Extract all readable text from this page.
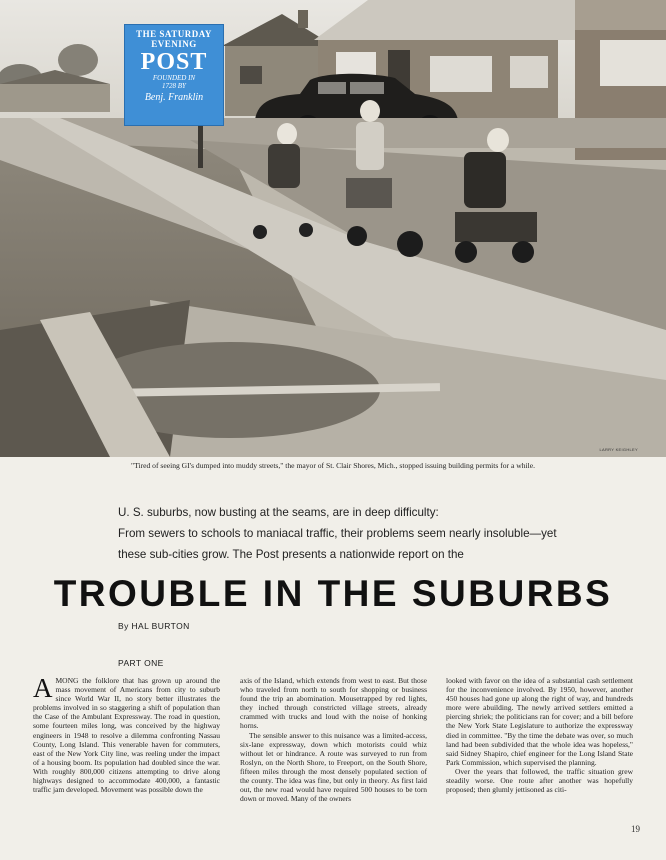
THE SATURDAY
EVENING
POST
FOUNDED IN
1728 BY
Benj. Franklin
LARRY KEIGHLEY
"Tired of seeing GI's dumped into muddy streets," the mayor of St. Clair Shores, Mich., stopped issuing building permits for a while.
U. S. suburbs, now busting at the seams, are in deep difficulty:
From sewers to schools to maniacal traffic, their problems seem nearly insoluble—yet
these sub-cities grow. The Post presents a nationwide report on the
TROUBLE IN THE SUBURBS
By HAL BURTON
PART ONE

AMONG the folklore that has grown up around the mass movement of Americans from city to suburb since World War II, no story better illustrates the problems involved in so staggering a shift of population than the Case of the Ambulant Expressway. The road in question, some fourteen miles long, was conceived by the highway engineers in 1948 to resolve a dilemma confronting Nassau County, Long Island. This venerable haven for commuters, east of the New York City line, was reeling under the impact of a housing boom. Its population had doubled since the war. With roughly 800,000 citizens attempting to drive along highways designed to accommodate 400,000, a fantastic traffic jam developed. Movement was possible down the

axis of the Island, which extends from west to east. But those who traveled from north to south for shopping or business found the trip an abomination. Mousetrapped by red lights, they inched through constricted village streets, already crammed with trucks and loud with the noise of honking horns.

The sensible answer to this nuisance was a limited-access, six-lane expressway, down which motorists could whiz without let or hindrance. A route was surveyed to run from Roslyn, on the North Shore, to Freeport, on the South Shore, fifteen miles through the most densely populated section of the county. The idea was fine, but only in theory. As first laid out, the new road would have required 500 houses to be torn down or moved. Many of the owners

looked with favor on the idea of a substantial cash settlement for the inconvenience involved. By 1950, however, another 450 houses had gone up along the right of way, and hundreds more were abuilding. The newly arrived settlers emitted a piercing shriek; the politicians ran for cover; and a bill before the New York State Legislature to authorize the expressway died in committee. "By the time the debate was over, so much land had been subdivided that the whole idea was hopeless," said Sidney Shapiro, chief engineer for the Long Island State Park Commission, which supervised the planning.

Over the years that followed, the traffic situation grew steadily worse. One route after another was hopefully proposed; then glumly jettisoned as citi-

19
